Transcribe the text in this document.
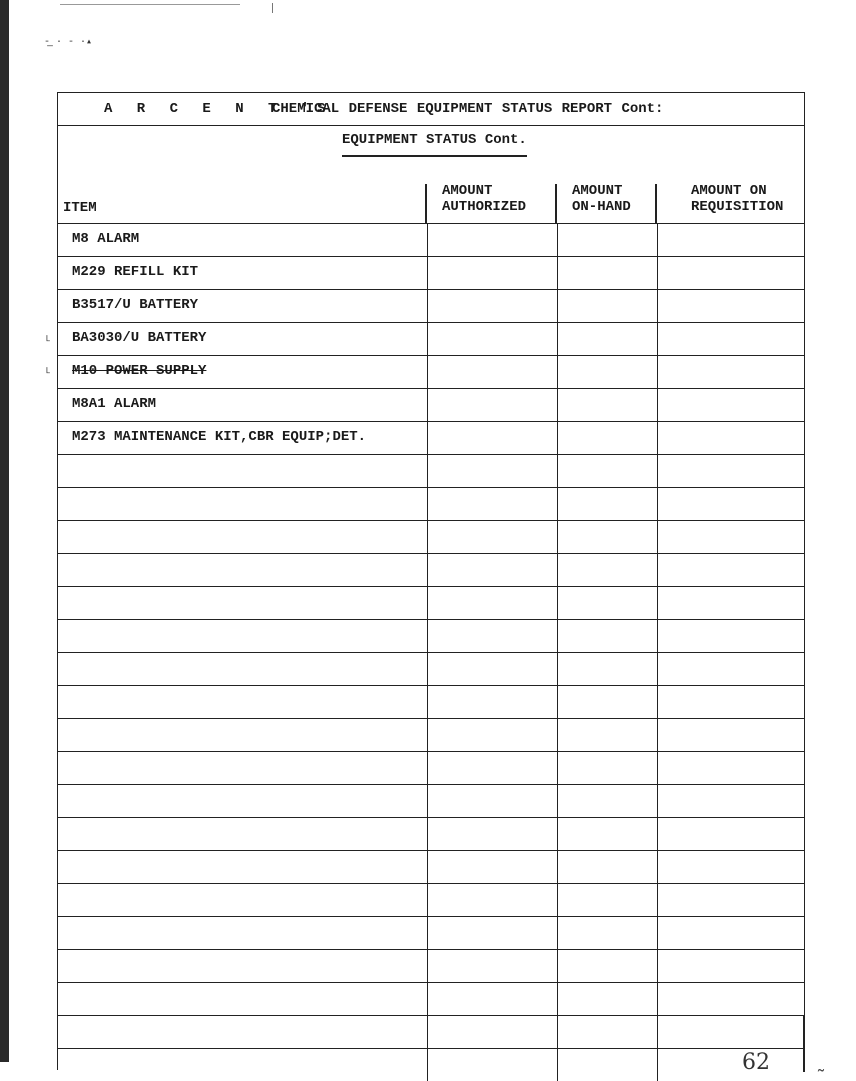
-̲ · - ·▴
˪
˪
A R C E N T 'S
CHEMICAL DEFENSE EQUIPMENT STATUS REPORT Cont:
EQUIPMENT STATUS Cont.
ITEM
AMOUNT
AUTHORIZED
AMOUNT
ON-HAND
AMOUNT ON
REQUISITION
M8 ALARM
M229 REFILL KIT
B3517/U BATTERY
BA3030/U BATTERY
M10 POWER SUPPLY
M8A1 ALARM
M273 MAINTENANCE KIT,CBR EQUIP;DET.
62	˷
